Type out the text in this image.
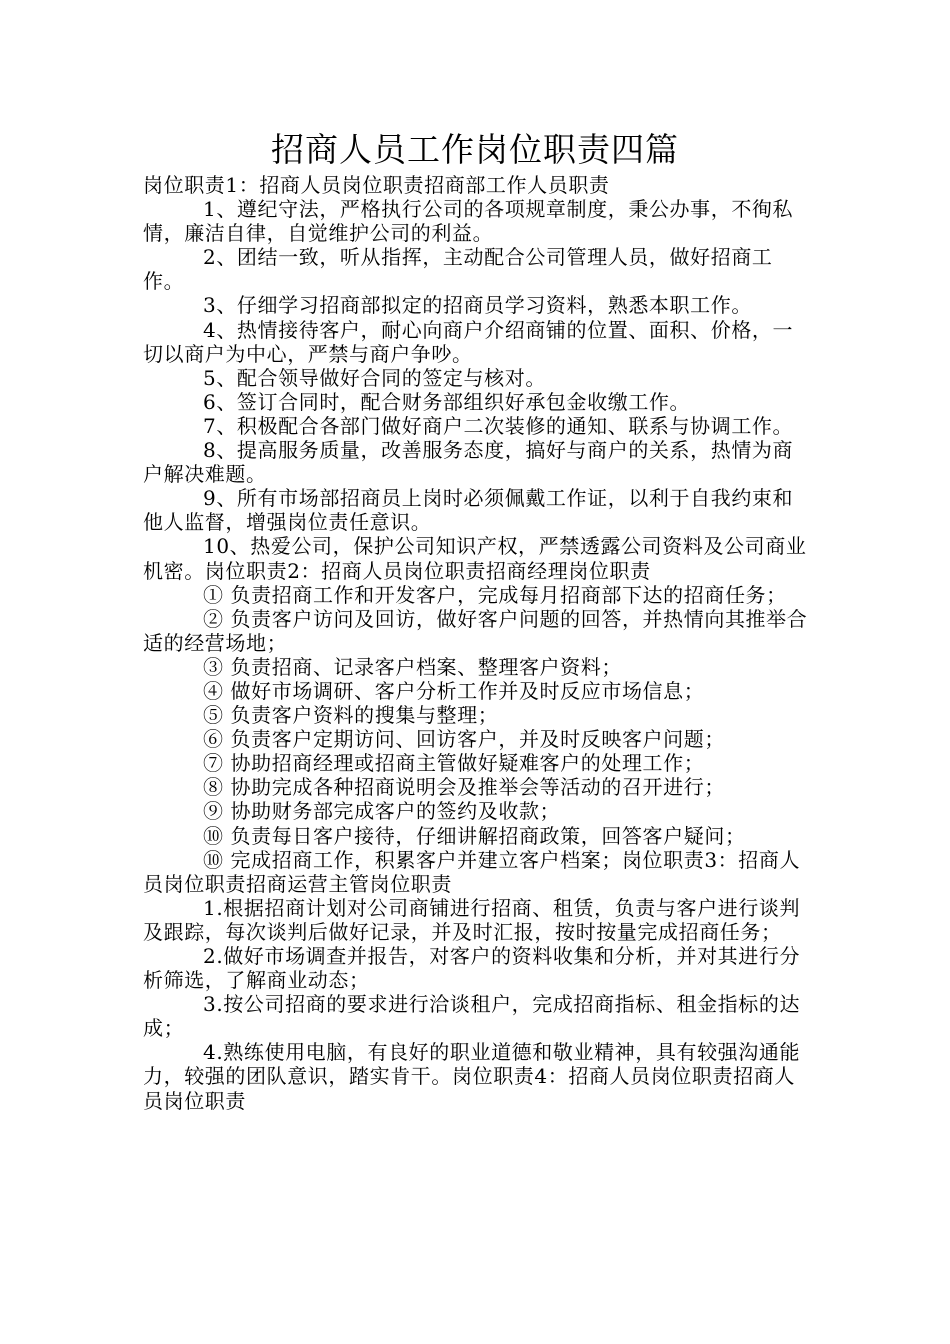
招商人员工作岗位职责四篇

岗位职责1：招商人员岗位职责招商部工作人员职责

1、遵纪守法，严格执行公司的各项规章制度，秉公办事，不徇私情，廉洁自律，自觉维护公司的利益。

2、团结一致，听从指挥，主动配合公司管理人员，做好招商工作。

3、仔细学习招商部拟定的招商员学习资料，熟悉本职工作。

4、热情接待客户，耐心向商户介绍商铺的位置、面积、价格，一切以商户为中心，严禁与商户争吵。

5、配合领导做好合同的签定与核对。

6、签订合同时，配合财务部组织好承包金收缴工作。

7、积极配合各部门做好商户二次装修的通知、联系与协调工作。

8、提高服务质量，改善服务态度，搞好与商户的关系，热情为商户解决难题。

9、所有市场部招商员上岗时必须佩戴工作证，以利于自我约束和他人监督，增强岗位责任意识。

10、热爱公司，保护公司知识产权，严禁透露公司资料及公司商业机密。岗位职责2：招商人员岗位职责招商经理岗位职责

① 负责招商工作和开发客户，完成每月招商部下达的招商任务；

② 负责客户访问及回访，做好客户问题的回答，并热情向其推举合适的经营场地；

③ 负责招商、记录客户档案、整理客户资料；

④ 做好市场调研、客户分析工作并及时反应市场信息；

⑤ 负责客户资料的搜集与整理；

⑥ 负责客户定期访问、回访客户，并及时反映客户问题；

⑦ 协助招商经理或招商主管做好疑难客户的处理工作；

⑧ 协助完成各种招商说明会及推举会等活动的召开进行；

⑨ 协助财务部完成客户的签约及收款；

⑩ 负责每日客户接待，仔细讲解招商政策，回答客户疑问；

⑩ 完成招商工作，积累客户并建立客户档案；岗位职责3：招商人员岗位职责招商运营主管岗位职责

1.根据招商计划对公司商铺进行招商、租赁，负责与客户进行谈判及跟踪，每次谈判后做好记录，并及时汇报，按时按量完成招商任务；

2.做好市场调查并报告，对客户的资料收集和分析，并对其进行分析筛选，了解商业动态；

3.按公司招商的要求进行洽谈租户，完成招商指标、租金指标的达成；

4.熟练使用电脑，有良好的职业道德和敬业精神，具有较强沟通能力，较强的团队意识，踏实肯干。岗位职责4：招商人员岗位职责招商人员岗位职责
